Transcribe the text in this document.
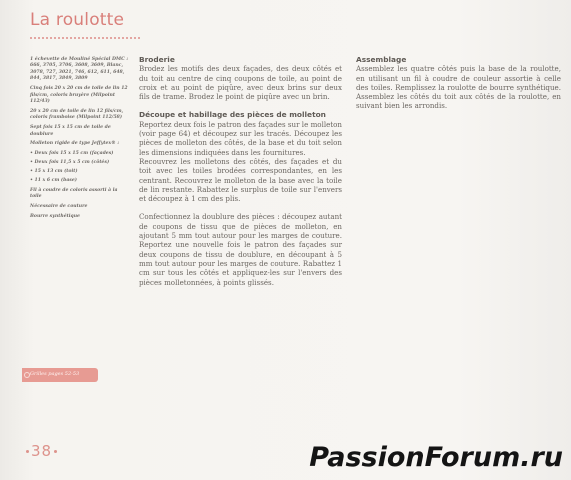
La roulotte

1 échevette de Mouliné Spécial DMC : 666, 3705, 3706, 3608, 3609, Blanc, 3078, 727, 3021, 746, 612, 611, 648, 844, 3817, 3849, 3809

Cinq fois 20 x 20 cm de toile de lin 12 fils/cm, coloris bruyère (Milpoint 112/43)

20 x 20 cm de toile de lin 12 fils/cm, coloris framboise (Milpoint 112/58)

Sept fois 15 x 15 cm de toile de doublure

Molleton rigide de type Jeffytex® :

• Deux fois 15 x 15 cm (façades)
• Deux fois 11,5 x 5 cm (côtés)
• 15 x 13 cm (toit)
• 11 x 6 cm (base)

Fil à coudre de coloris assorti à la toile

Nécessaire de couture

Bourre synthétique

Broderie

Brodez les motifs des deux façades, des deux côtés et du toit au centre de cinq coupons de toile, au point de croix et au point de piqûre, avec deux brins sur deux fils de trame. Brodez le point de piqûre avec un brin.

Découpe et habillage des pièces de molleton

Reportez deux fois le patron des façades sur le molleton (voir page 64) et découpez sur les tracés. Découpez les pièces de molleton des côtés, de la base et du toit selon les dimensions indiquées dans les fournitures.

Recouvrez les molletons des côtés, des façades et du toit avec les toiles brodées correspondantes, en les centrant. Recouvrez le molleton de la base avec la toile de lin restante. Rabattez le surplus de toile sur l'envers et découpez à 1 cm des plis.

Confectionnez la doublure des pièces : découpez autant de coupons de tissu que de pièces de molleton, en ajoutant 5 mm tout autour pour les marges de couture. Reportez une nouvelle fois le patron des façades sur deux coupons de tissu de doublure, en découpant à 5 mm tout autour pour les marges de couture. Rabattez 1 cm sur tous les côtés et appliquez-les sur l'envers des pièces molletonnées, à points glissés.

Assemblage

Assemblez les quatre côtés puis la base de la roulotte, en utilisant un fil à coudre de couleur assortie à celle des toiles. Remplissez la roulotte de bourre synthétique. Assemblez les côtés du toit aux côtés de la roulotte, en suivant bien les arrondis.

Grilles pages 52-53
38	PassionForum.ru
